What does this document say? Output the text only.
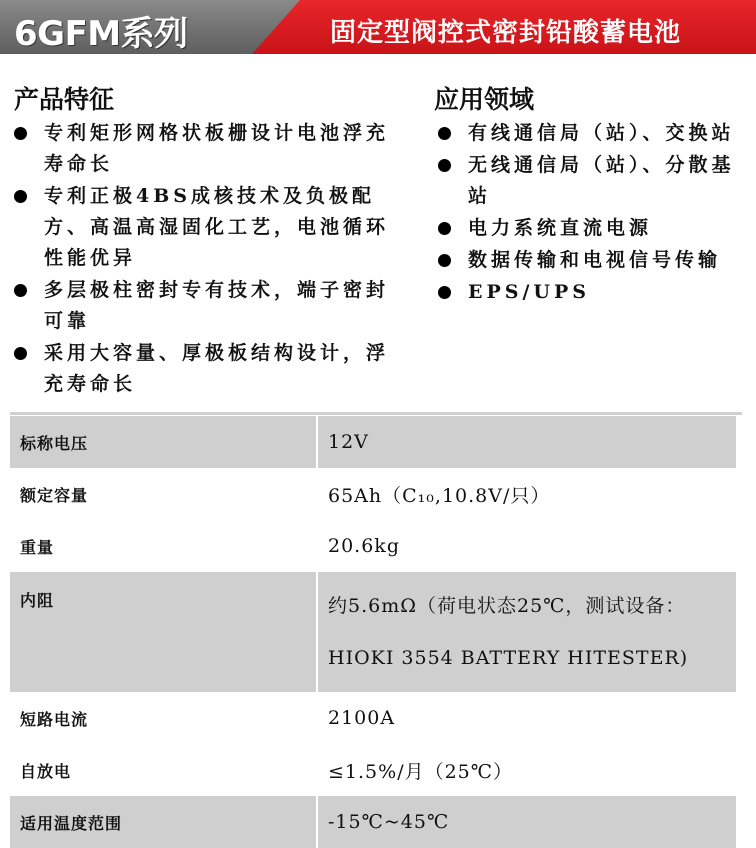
6GFM系列	固定型阀控式密封铅酸蓄电池
产品特征
专利矩形网格状板栅设计电池浮充寿命长
专利正极4BS成核技术及负极配方、高温高湿固化工艺，电池循环性能优异
多层极柱密封专有技术，端子密封可靠
采用大容量、厚极板结构设计，浮充寿命长
应用领域
有线通信局（站）、交换站
无线通信局（站）、分散基站
电力系统直流电源
数据传输和电视信号传输
EPS/UPS
标称电压	12V
额定容量	65Ah（C₁₀,10.8V/只）
重量	20.6kg
内阻	约5.6mΩ（荷电状态25℃，测试设备：
HIOKI 3554 BATTERY HITESTER)

短路电流	2100A
自放电	≤1.5%/月（25℃）
适用温度范围	-15℃~45℃
